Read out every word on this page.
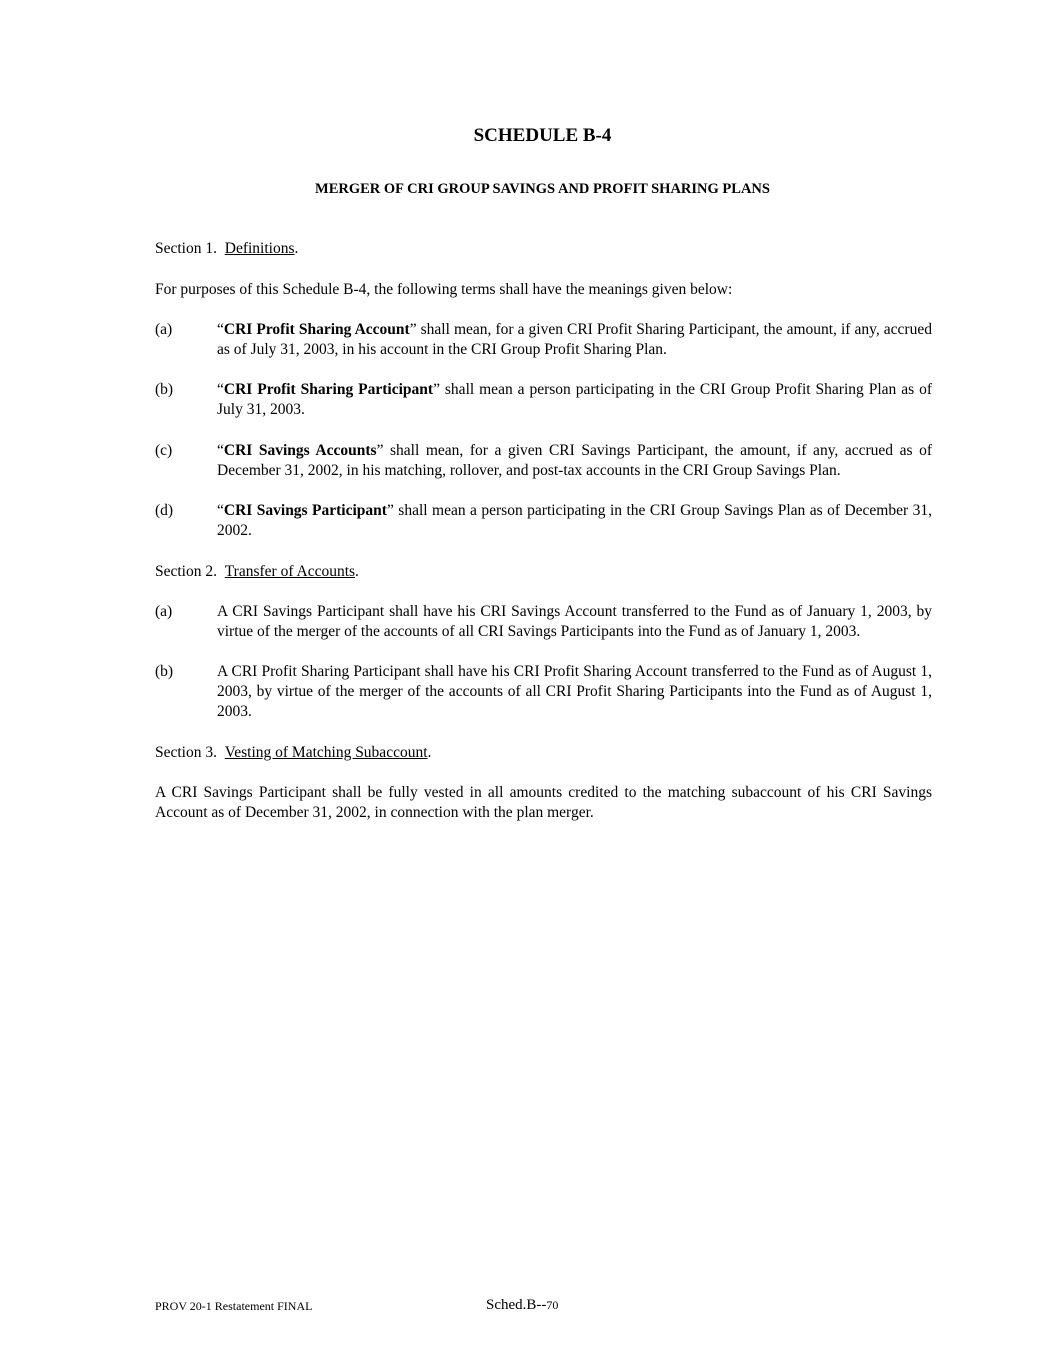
SCHEDULE B-4
MERGER OF CRI GROUP SAVINGS AND PROFIT SHARING PLANS
Section 1. Definitions.
For purposes of this Schedule B-4, the following terms shall have the meanings given below:
(a)	“CRI Profit Sharing Account” shall mean, for a given CRI Profit Sharing Participant, the amount, if any, accrued as of July 31, 2003, in his account in the CRI Group Profit Sharing Plan.
(b)	“CRI Profit Sharing Participant” shall mean a person participating in the CRI Group Profit Sharing Plan as of July 31, 2003.
(c)	“CRI Savings Accounts” shall mean, for a given CRI Savings Participant, the amount, if any, accrued as of December 31, 2002, in his matching, rollover, and post-tax accounts in the CRI Group Savings Plan.
(d)	“CRI Savings Participant” shall mean a person participating in the CRI Group Savings Plan as of December 31, 2002.
Section 2. Transfer of Accounts.
(a)	A CRI Savings Participant shall have his CRI Savings Account transferred to the Fund as of January 1, 2003, by virtue of the merger of the accounts of all CRI Savings Participants into the Fund as of January 1, 2003.
(b)	A CRI Profit Sharing Participant shall have his CRI Profit Sharing Account transferred to the Fund as of August 1, 2003, by virtue of the merger of the accounts of all CRI Profit Sharing Participants into the Fund as of August 1, 2003.
Section 3. Vesting of Matching Subaccount.
A CRI Savings Participant shall be fully vested in all amounts credited to the matching subaccount of his CRI Savings Account as of December 31, 2002, in connection with the plan merger.
PROV 20-1 Restatement FINAL	Sched.B--70
